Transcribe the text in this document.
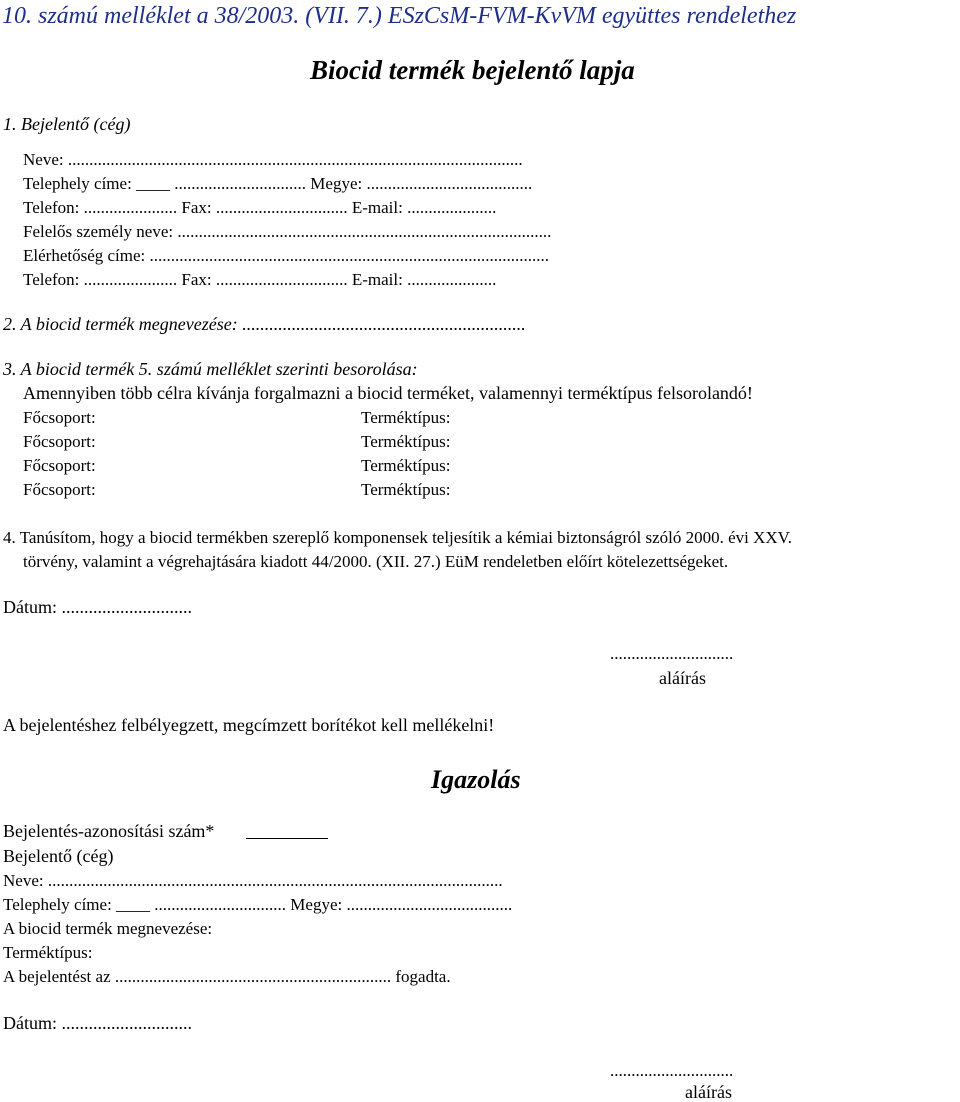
10. számú melléklet a 38/2003. (VII. 7.) ESzCsM-FVM-KvVM együttes rendelethez
Biocid termék bejelentő lapja
1. Bejelentő (cég)
Neve: ...........................................................................................................
Telephely címe: ____ ............................... Megye: .......................................
Telefon: ...................... Fax: ............................... E-mail: .....................
Felelős személy neve: ........................................................................................
Elérhetőség címe: ..............................................................................................
Telefon: ...................... Fax: ............................... E-mail: .....................
2. A biocid termék megnevezése: ...............................................................
3. A biocid termék 5. számú melléklet szerinti besorolása:
Amennyiben több célra kívánja forgalmazni a biocid terméket, valamennyi terméktípus felsorolandó!
Főcsoport:	Terméktípus:
Főcsoport:	Terméktípus:
Főcsoport:	Terméktípus:
Főcsoport:	Terméktípus:
4. Tanúsítom, hogy a biocid termékben szereplő komponensek teljesítik a kémiai biztonságról szóló 2000. évi XXV.
törvény, valamint a végrehajtására kiadott 44/2000. (XII. 27.) EüM rendeletben előírt kötelezettségeket.
Dátum: .............................
.............................
aláírás
A bejelentéshez felbélyegzett, megcímzett borítékot kell mellékelni!
Igazolás
Bejelentés-azonosítási szám*
Bejelentő (cég)
Neve: ...........................................................................................................
Telephely címe: ____ ............................... Megye: .......................................
A biocid termék megnevezése:
Terméktípus:
A bejelentést az ................................................................. fogadta.
Dátum: .............................
.............................
aláírás
